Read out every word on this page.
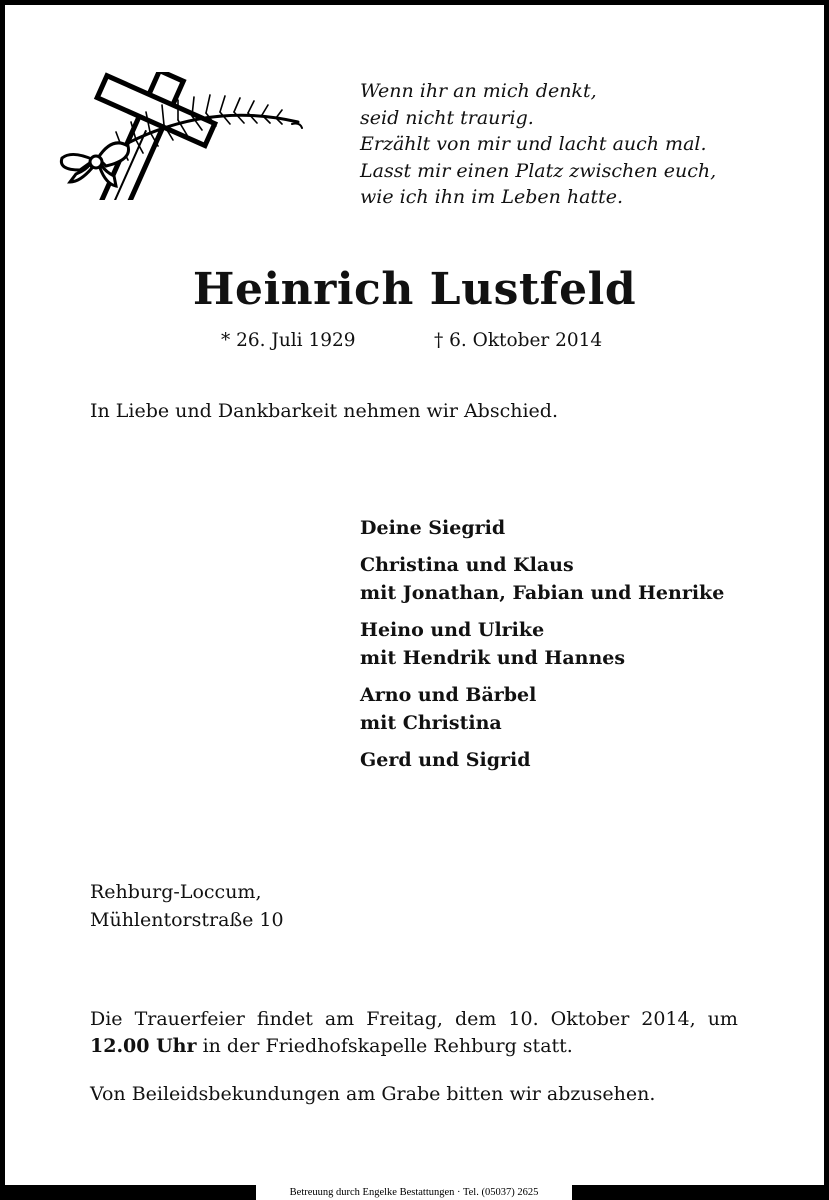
Wenn ihr an mich denkt,
seid nicht traurig.
Erzählt von mir und lacht auch mal.
Lasst mir einen Platz zwischen euch,
wie ich ihn im Leben hatte.
Heinrich Lustfeld
* 26. Juli 1929	† 6. Oktober 2014
In Liebe und Dankbarkeit nehmen wir Abschied.
Deine Siegrid
Christina und Klaus
mit Jonathan, Fabian und Henrike
Heino und Ulrike
mit Hendrik und Hannes
Arno und Bärbel
mit Christina
Gerd und Sigrid
Rehburg-Loccum,
Mühlentorstraße 10
Die Trauerfeier findet am Freitag, dem 10. Oktober 2014, um
12.00 Uhr in der Friedhofskapelle Rehburg statt.
Von Beileidsbekundungen am Grabe bitten wir abzusehen.
Betreuung durch Engelke Bestattungen · Tel. (05037) 2625
